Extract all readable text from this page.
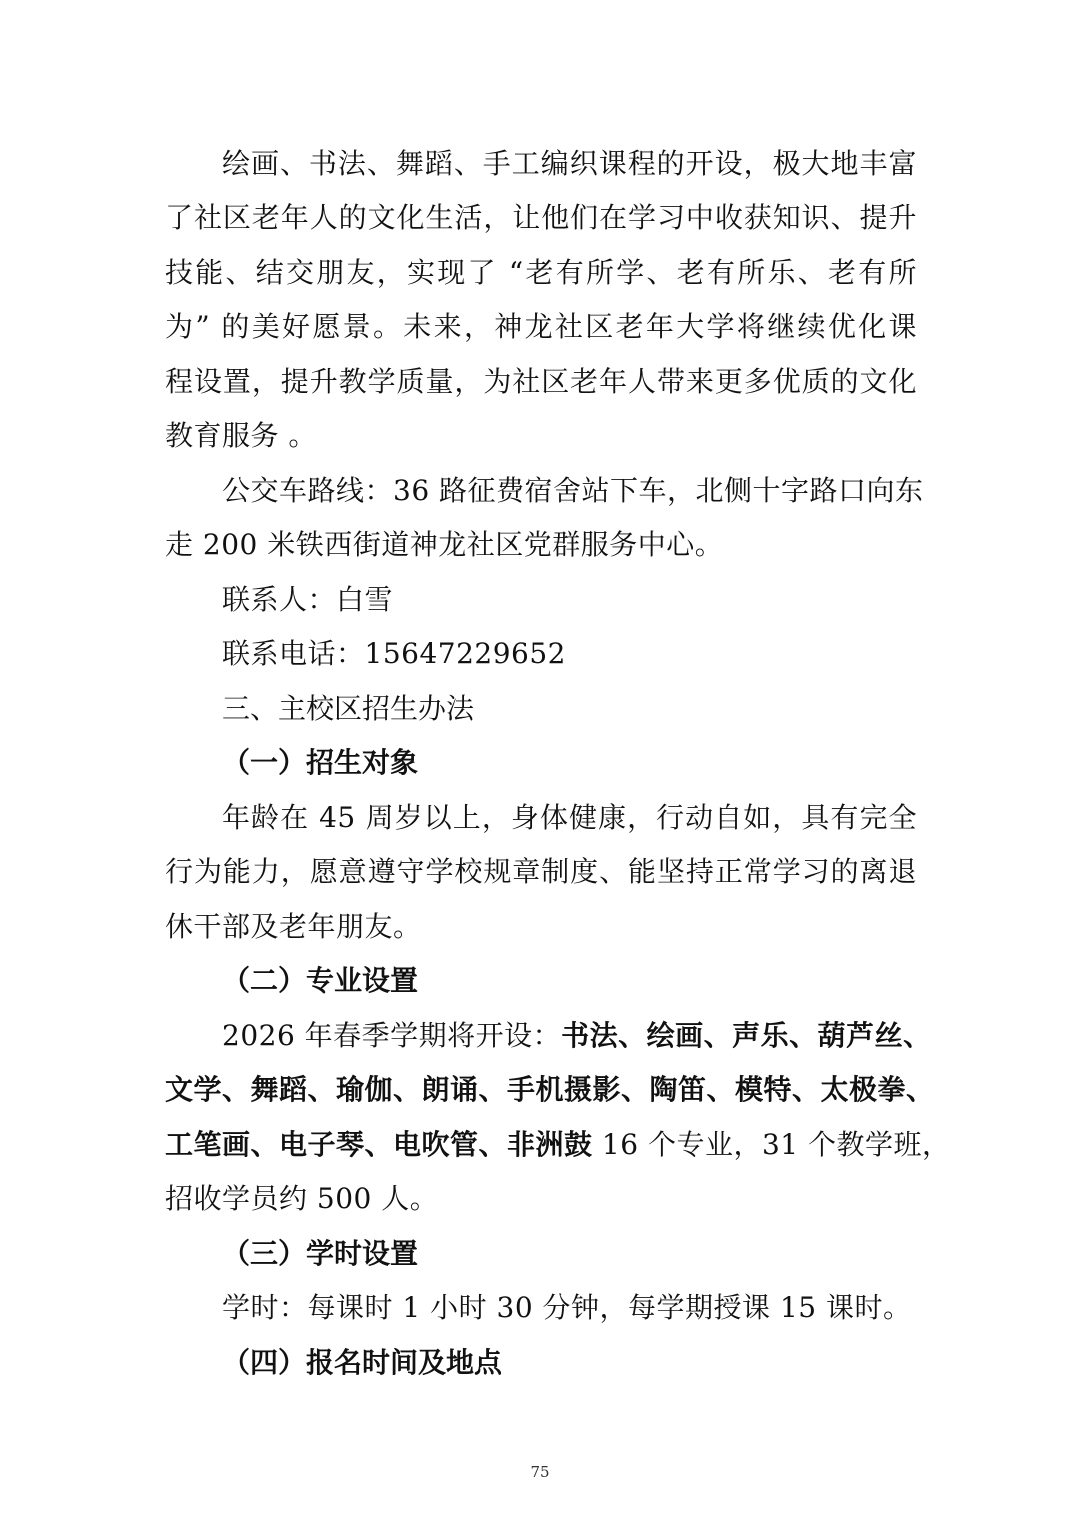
绘画、书法、舞蹈、手工编织课程的开设，极大地丰富
了社区老年人的文化生活，让他们在学习中收获知识、提升
技能、结交朋友，实现了 “老有所学、老有所乐、老有所
为” 的美好愿景。未来，神龙社区老年大学将继续优化课
程设置，提升教学质量，为社区老年人带来更多优质的文化
教育服务 。
公交车路线：36 路征费宿舍站下车，北侧十字路口向东
走 200 米铁西街道神龙社区党群服务中心。
联系人：白雪
联系电话：15647229652
三、主校区招生办法
（一）招生对象
年龄在 45 周岁以上，身体健康，行动自如，具有完全
行为能力，愿意遵守学校规章制度、能坚持正常学习的离退
休干部及老年朋友。
（二）专业设置
2026 年春季学期将开设：书法、绘画、声乐、葫芦丝、
文学、舞蹈、瑜伽、朗诵、手机摄影、陶笛、模特、太极拳、
工笔画、电子琴、电吹管、非洲鼓 16 个专业，31 个教学班，
招收学员约 500 人。
（三）学时设置
学时：每课时 1 小时 30 分钟，每学期授课 15 课时。
（四）报名时间及地点
75
